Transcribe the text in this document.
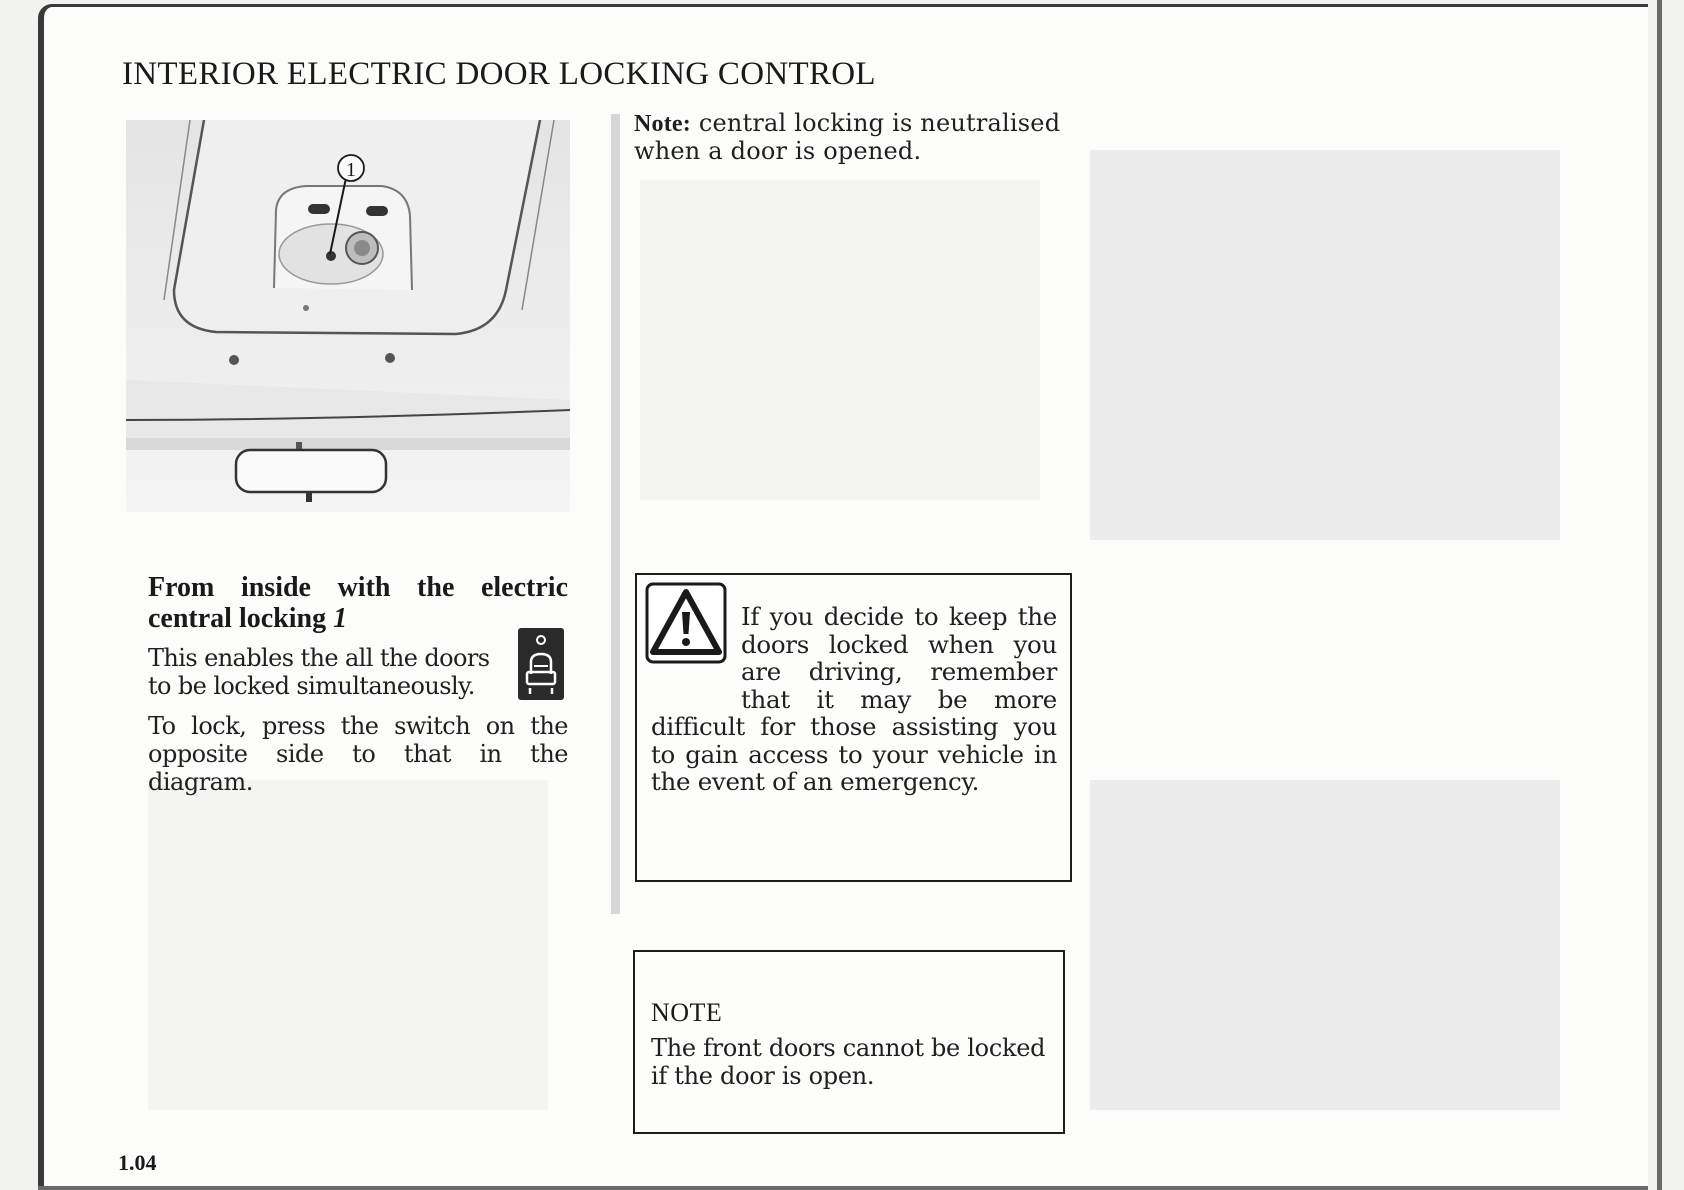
INTERIOR ELECTRIC DOOR LOCKING CONTROL
1
From inside with the electric central locking 1

This enables the all the doors to be locked simultaneously.

To lock, press the switch on the opposite side to that in the diagram.

Note: central locking is neutralised when a door is opened.

If you decide to keep the doors locked when you are driving, remember that it may be more difficult for those assisting you to gain access to your vehicle in the event of an emergency.

NOTE

The front doors cannot be locked if the door is open.

1.04
